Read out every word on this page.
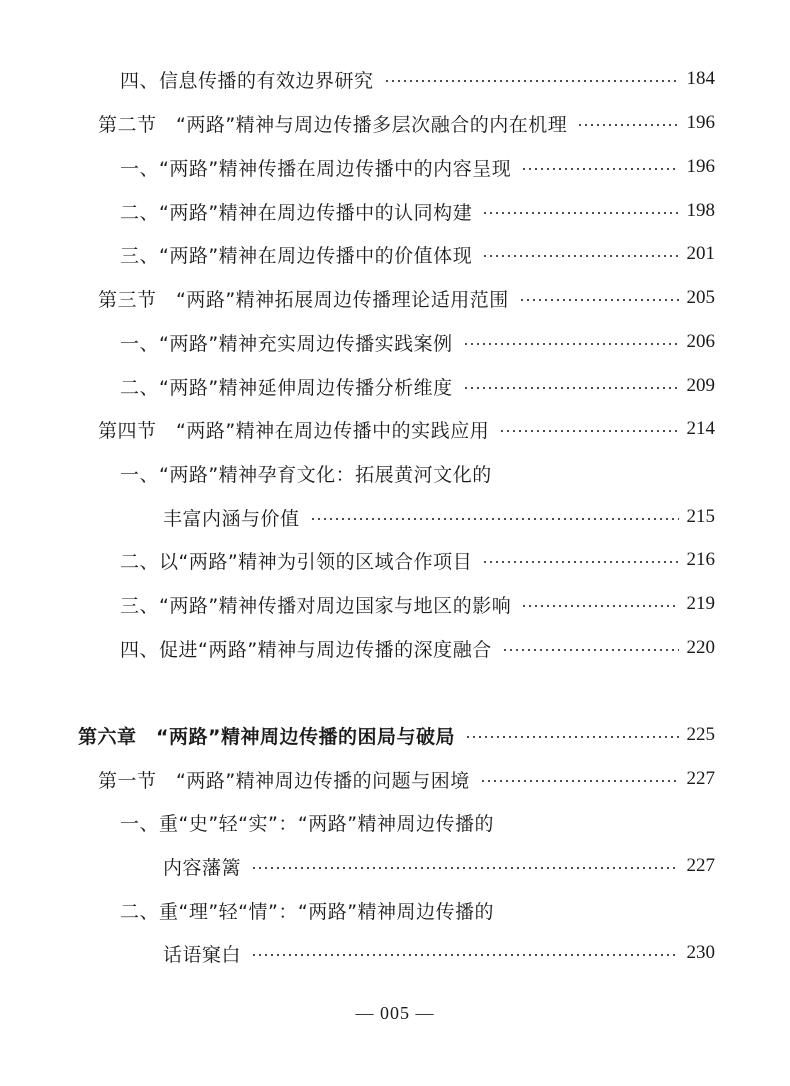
四、信息传播的有效边界研究	184
第二节　“两路”精神与周边传播多层次融合的内在机理	196
一、“两路”精神传播在周边传播中的内容呈现	196
二、“两路”精神在周边传播中的认同构建	198
三、“两路”精神在周边传播中的价值体现	201
第三节　“两路”精神拓展周边传播理论适用范围	205
一、“两路”精神充实周边传播实践案例	206
二、“两路”精神延伸周边传播分析维度	209
第四节　“两路”精神在周边传播中的实践应用	214
一、“两路”精神孕育文化：拓展黄河文化的
丰富内涵与价值	215
二、以“两路”精神为引领的区域合作项目	216
三、“两路”精神传播对周边国家与地区的影响	219
四、促进“两路”精神与周边传播的深度融合	220
第六章　“两路”精神周边传播的困局与破局	225
第一节　“两路”精神周边传播的问题与困境	227
一、重“史”轻“实”：“两路”精神周边传播的
内容藩篱	227
二、重“理”轻“情”：“两路”精神周边传播的
话语窠白	230
— 005 —
